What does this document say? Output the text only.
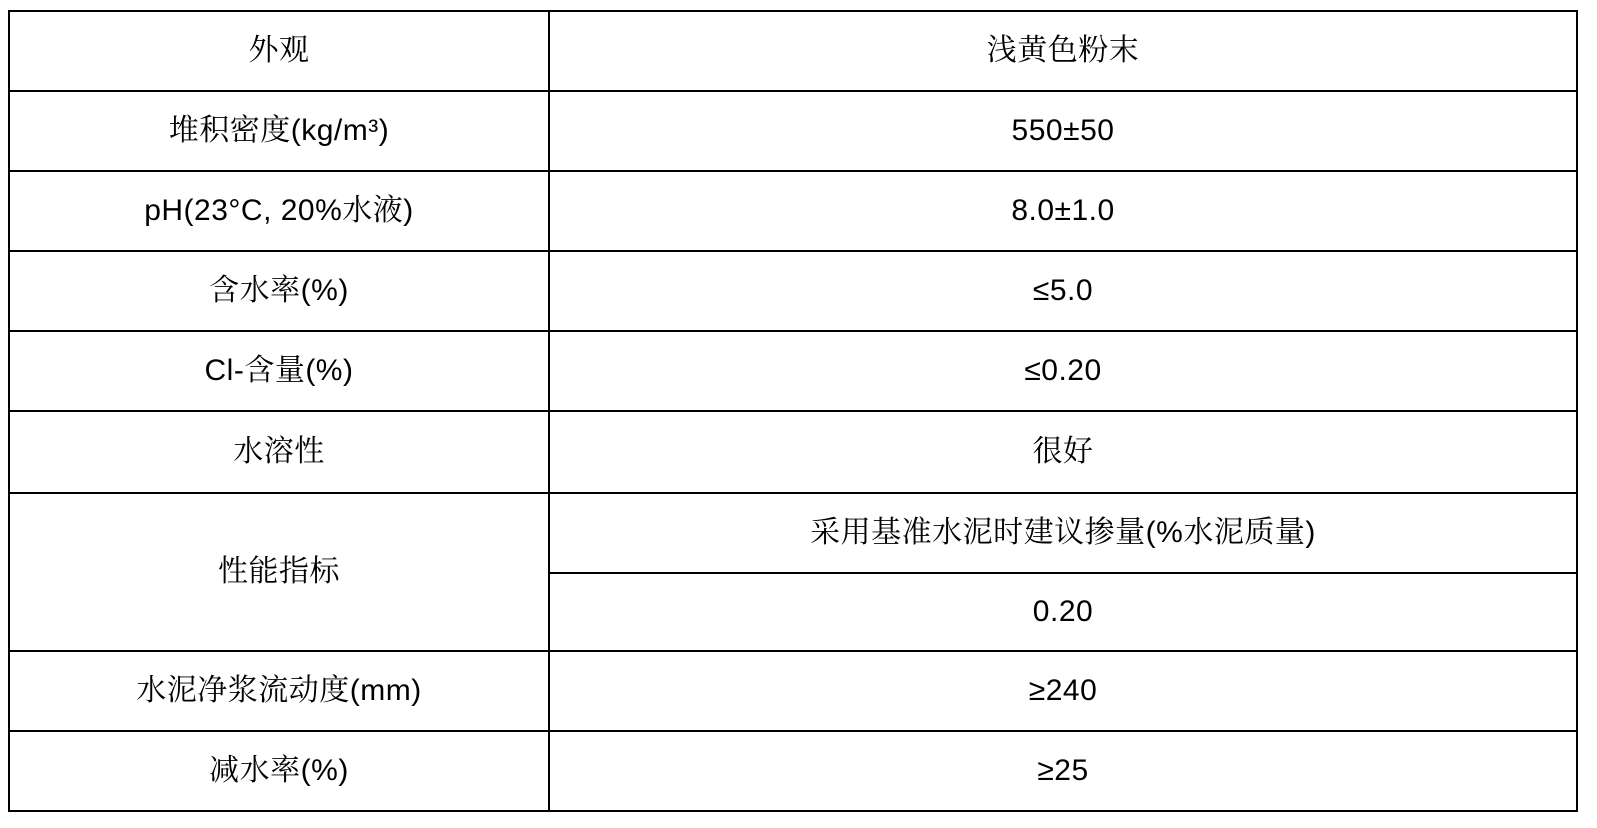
外观	浅黄色粉末
堆积密度(kg/m³)	550±50
pH(23°C, 20%水液)	8.0±1.0
含水率(%)	≤5.0
Cl-含量(%)	≤0.20
水溶性	很好
性能指标	采用基准水泥时建议掺量(%水泥质量)
	0.20
水泥净浆流动度(mm)	≥240
减水率(%)	≥25
